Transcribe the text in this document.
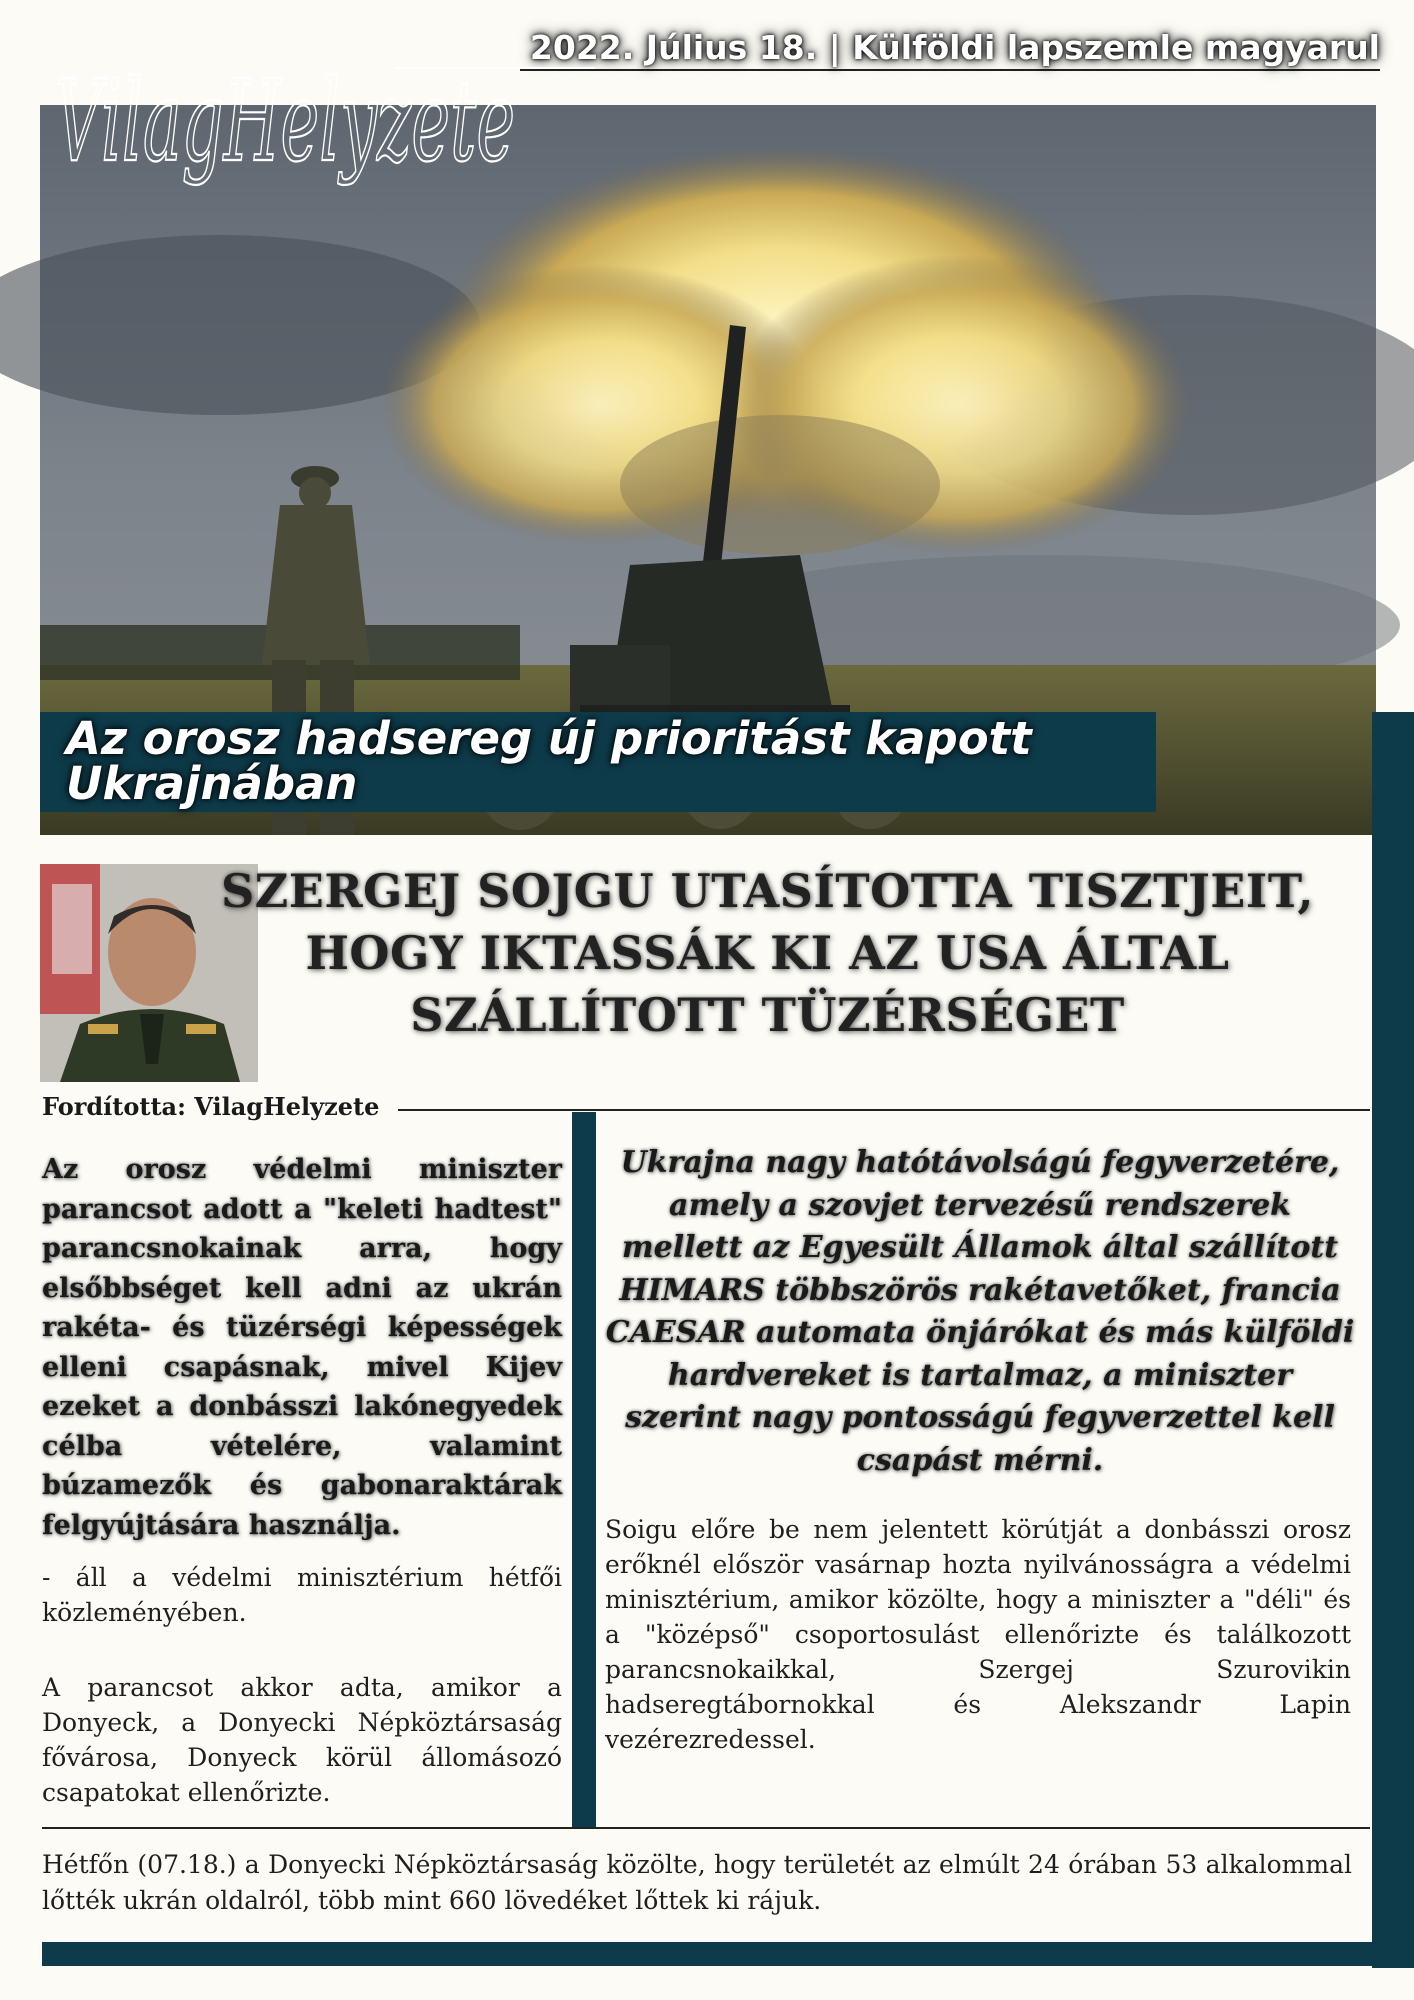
VilagHelyzete
2022. Július 18. | Külföldi lapszemle magyarul
Az orosz hadsereg új prioritást kapott Ukrajnában
SZERGEJ SOJGU UTASÍTOTTA TISZTJEIT, HOGY IKTASSÁK KI AZ USA ÁLTAL SZÁLLÍTOTT TÜZÉRSÉGET
Fordította: VilagHelyzete
Az orosz védelmi miniszter parancsot adott a "keleti hadtest" parancsnokainak arra, hogy elsőbbséget kell adni az ukrán rakéta- és tüzérségi képességek elleni csapásnak, mivel Kijev ezeket a donbásszi lakónegyedek célba vételére, valamint búzamezők és gabonaraktárak felgyújtására használja.
- áll a védelmi minisztérium hétfői közleményében.
A parancsot akkor adta, amikor a Donyeck, a Donyecki Népköztársaság fővárosa, Donyeck körül állomásozó csapatokat ellenőrizte.
Ukrajna nagy hatótávolságú fegyverzetére, amely a szovjet tervezésű rendszerek mellett az Egyesült Államok által szállított HIMARS többszörös rakétavetőket, francia CAESAR automata önjárókat és más külföldi hardvereket is tartalmaz, a miniszter szerint nagy pontosságú fegyverzettel kell csapást mérni.
Soigu előre be nem jelentett körútját a donbásszi orosz erőknél először vasárnap hozta nyilvánosságra a védelmi minisztérium, amikor közölte, hogy a miniszter a "déli" és a "középső" csoportosulást ellenőrizte és találkozott parancsnokaikkal, Szergej Szurovikin hadseregtábornokkal és Alekszandr Lapin vezérezredessel.
Hétfőn (07.18.) a Donyecki Népköztársaság közölte, hogy területét az elmúlt 24 órában 53 alkalommal lőtték ukrán oldalról, több mint 660 lövedéket lőttek ki rájuk.
